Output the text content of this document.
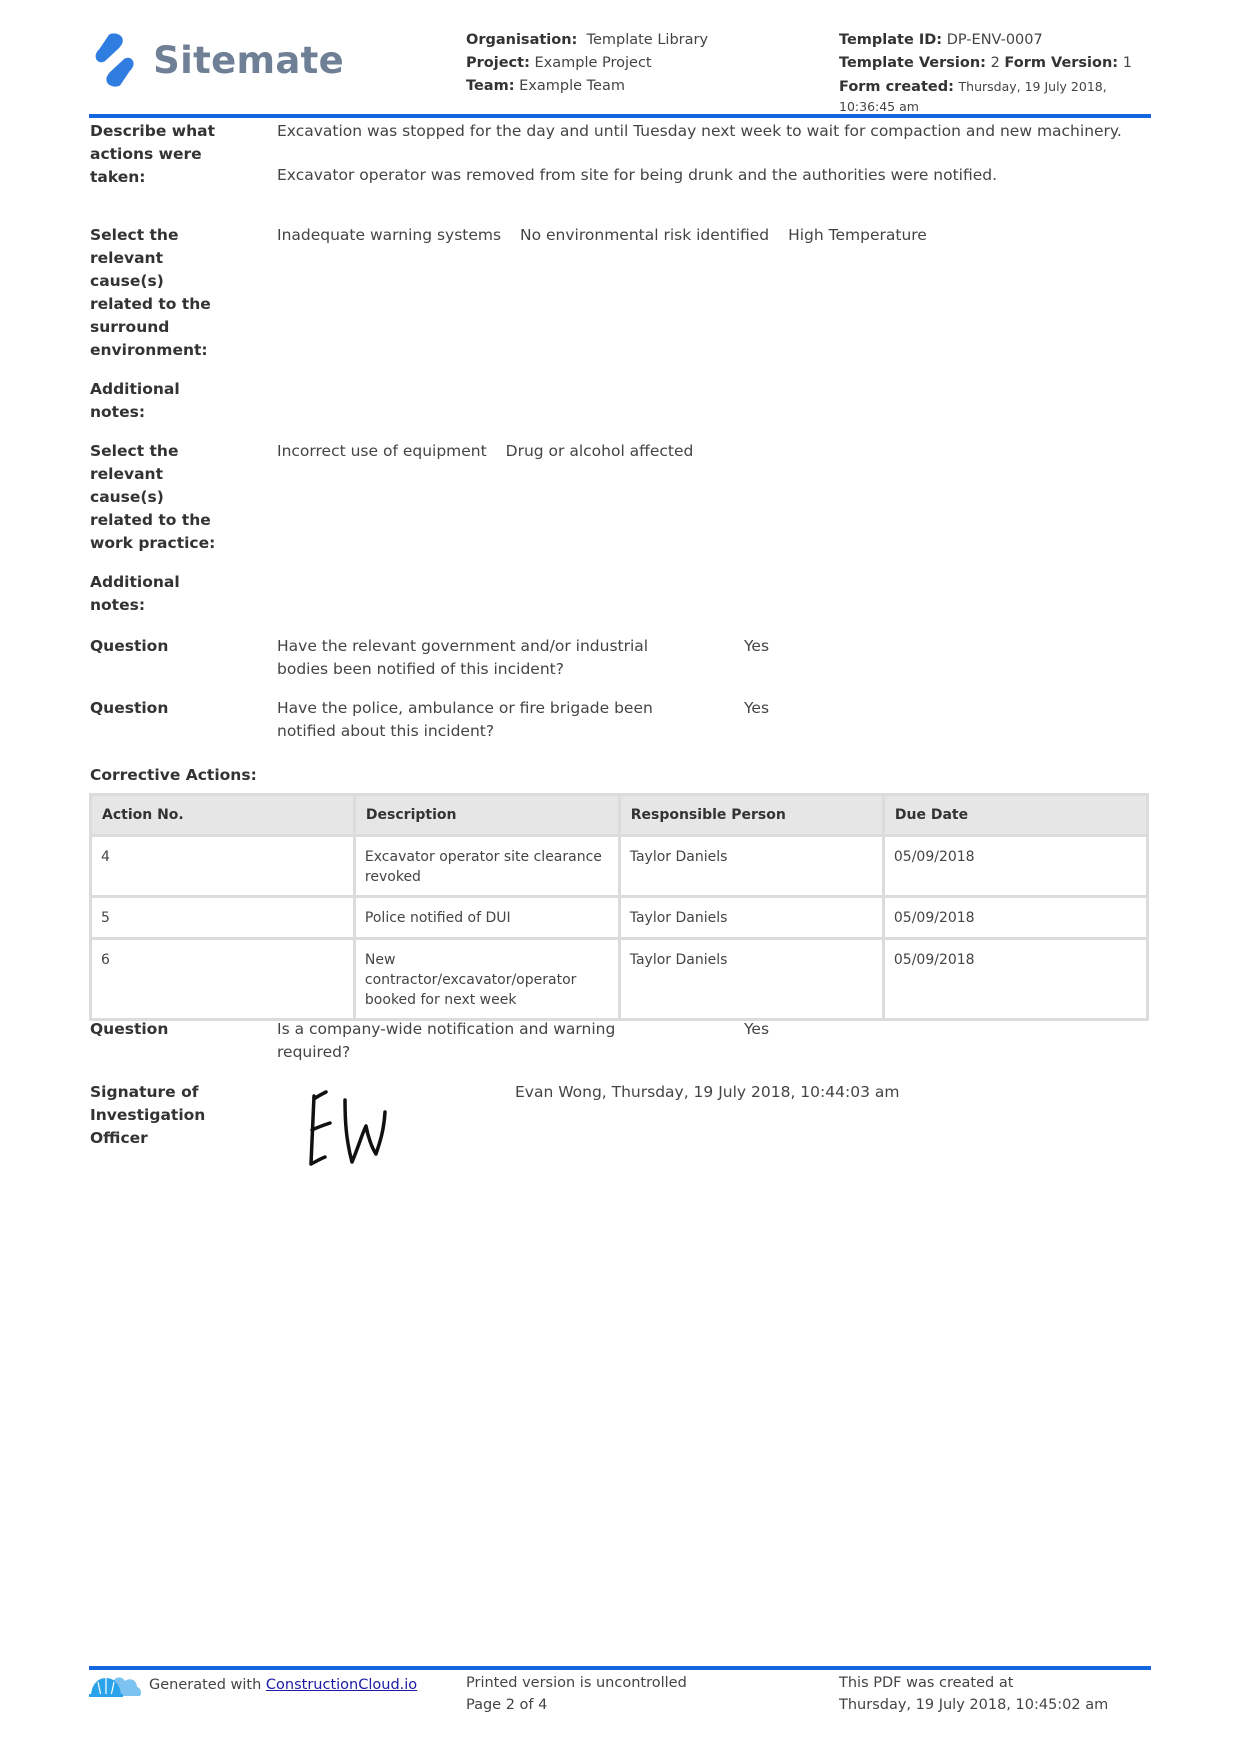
Sitemate	Organisation: Template Library
Project: Example Project
Team: Example Team
Template ID: DP-ENV-0007
Template Version: 2 Form Version: 1
Form created: Thursday, 19 July 2018, 10:36:45 am
Describe what actions were taken:
Excavation was stopped for the day and until Tuesday next week to wait for compaction and new machinery.
Excavator operator was removed from site for being drunk and the authorities were notified.
Select the relevant cause(s) related to the surround environment:
Inadequate warning systems No environmental risk identified High Temperature
Additional notes:
Select the relevant cause(s) related to the work practice:
Incorrect use of equipment Drug or alcohol affected
Additional notes:
Question	Have the relevant government and/or industrial bodies been notified of this incident?
Yes
Question	Have the police, ambulance or fire brigade been notified about this incident?
Yes
Corrective Actions:
Action No.	Description	Responsible Person	Due Date
4	Excavator operator site clearance revoked	Taylor Daniels	05/09/2018
5	Police notified of DUI	Taylor Daniels	05/09/2018
6	New contractor/excavator/operator booked for next week	Taylor Daniels	05/09/2018
Question	Is a company-wide notification and warning required?
Yes
Signature of Investigation Officer
Evan Wong, Thursday, 19 July 2018, 10:44:03 am
Generated with
ConstructionCloud.io	Printed version is uncontrolled
Page 2 of 4
This PDF was created at
Thursday, 19 July 2018, 10:45:02 am
